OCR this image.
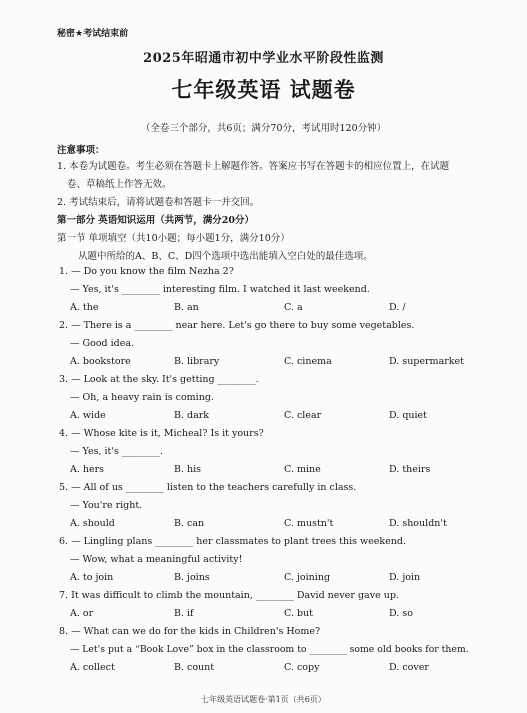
秘密★考试结束前
2025年昭通市初中学业水平阶段性监测
七年级英语 试题卷
（全卷三个部分，共6页；满分70分，考试用时120分钟）
注意事项：
1. 本卷为试题卷。考生必须在答题卡上解题作答。答案应书写在答题卡的相应位置上，在试题
卷、草稿纸上作答无效。
2. 考试结束后，请将试题卷和答题卡一并交回。
第一部分 英语知识运用（共两节，满分20分）
第一节 单项填空（共10小题；每小题1分，满分10分）
从题中所给的A、B、C、D四个选项中选出能填入空白处的最佳选项。
1. — Do you know the film Nezha 2?
— Yes, it's ________ interesting film. I watched it last weekend.
A. the	B. an	C. a	D. /
2. — There is a ________ near here. Let's go there to buy some vegetables.
— Good idea.
A. bookstore	B. library	C. cinema	D. supermarket
3. — Look at the sky. It's getting ________.
— Oh, a heavy rain is coming.
A. wide	B. dark	C. clear	D. quiet
4. — Whose kite is it, Micheal? Is it yours?
— Yes, it's ________.
A. hers	B. his	C. mine	D. theirs
5. — All of us ________ listen to the teachers carefully in class.
— You're right.
A. should	B. can	C. mustn't	D. shouldn't
6. — Lingling plans ________ her classmates to plant trees this weekend.
— Wow, what a meaningful activity!
A. to join	B. joins	C. joining	D. join
7. It was difficult to climb the mountain, ________ David never gave up.
A. or	B. if	C. but	D. so
8. — What can we do for the kids in Children's Home?
— Let's put a “Book Love” box in the classroom to ________ some old books for them.
A. collect	B. count	C. copy	D. cover
七年级英语试题卷·第1页（共6页）
